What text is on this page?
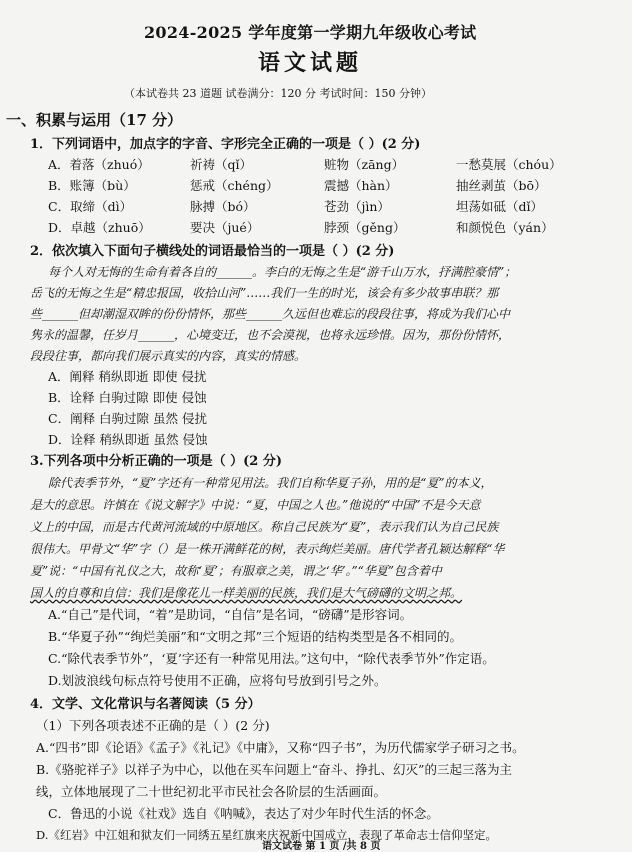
2024-2025 学年度第一学期九年级收心考试
语文试题
（本试卷共 23 道题 试卷满分：120 分 考试时间：150 分钟）
一、积累与运用（17 分）
1．下列词语中，加点字的字音、字形完全正确的一项是（ ）(2 分)
A．着落（zhuó）	祈祷（qǐ）	赃物（zāng）	一愁莫展（chóu）
B．账簿（bù）	惩戒（chéng）	震撼（hàn）	抽丝剥茧（bō）
C．取缔（dì）	脉搏（bó）	苍劲（jìn）	坦荡如砥（dǐ）
D．卓越（zhuō）	要决（jué）	脖颈（gěng）	和颜悦色（yán）
2．依次填入下面句子横线处的词语最恰当的一项是（ ）(2 分)
每个人对无悔的生命有着各自的______。李白的无悔之生是“游千山万水，抒满腔豪情”；
岳飞的无悔之生是“精忠报国，收拾山河”……我们一生的时光，该会有多少故事串联？那
些______但却潮湿双眸的份份情怀，那些______久远但也难忘的段段往事，将成为我们心中
隽永的温馨，任岁月______，心境变迁，也不会漠视，也将永远珍惜。因为，那份份情怀，
段段往事，都向我们展示真实的内容，真实的情感。
A．阐释 稍纵即逝 即使 侵扰
B．诠释 白驹过隙 即使 侵蚀
C．阐释 白驹过隙 虽然 侵扰
D．诠释 稍纵即逝 虽然 侵蚀
3.下列各项中分析正确的一项是（ ）(2 分)
除代表季节外，“夏”字还有一种常见用法。我们自称华夏子孙，用的是“夏”的本义，
是大的意思。许慎在《说文解字》中说：“夏，中国之人也。”他说的“中国”不是今天意
义上的中国，而是古代黄河流域的中原地区。称自己民族为“夏”，表示我们认为自己民族
很伟大。甲骨文“华”字（）是一株开满鲜花的树，表示绚烂美丽。唐代学者孔颖达解释“华
夏”说：“中国有礼仪之大，故称‘夏’；有服章之美，谓之‘华’。”“华夏”包含着中
国人的自尊和自信：我们是像花儿一样美丽的民族，我们是大气磅礴的文明之邦。
A.“自己”是代词，“着”是助词，“自信”是名词，“磅礴”是形容词。
B.“华夏子孙”“绚烂美丽”和“文明之邦”三个短语的结构类型是各不相同的。
C.“除代表季节外”，‘夏’字还有一种常见用法。”这句中，“除代表季节外”作定语。
D.划波浪线句标点符号使用不正确，应将句号放到引号之外。
4．文学、文化常识与名著阅读（5 分）
（1）下列各项表述不正确的是（ ）(2 分)
A.“四书”即《论语》《孟子》《礼记》《中庸》，又称“四子书”，为历代儒家学子研习之书。
B.《骆驼祥子》以祥子为中心，以他在买车问题上“奋斗、挣扎、幻灭”的三起三落为主
线，立体地展现了二十世纪初北平市民社会各阶层的生活画面。
C．鲁迅的小说《社戏》选自《呐喊》，表达了对少年时代生活的怀念。
D.《红岩》中江姐和狱友们一同绣五星红旗来庆祝新中国成立，表现了革命志士信仰坚定。
语文试卷 第 1 页 /共 8 页
